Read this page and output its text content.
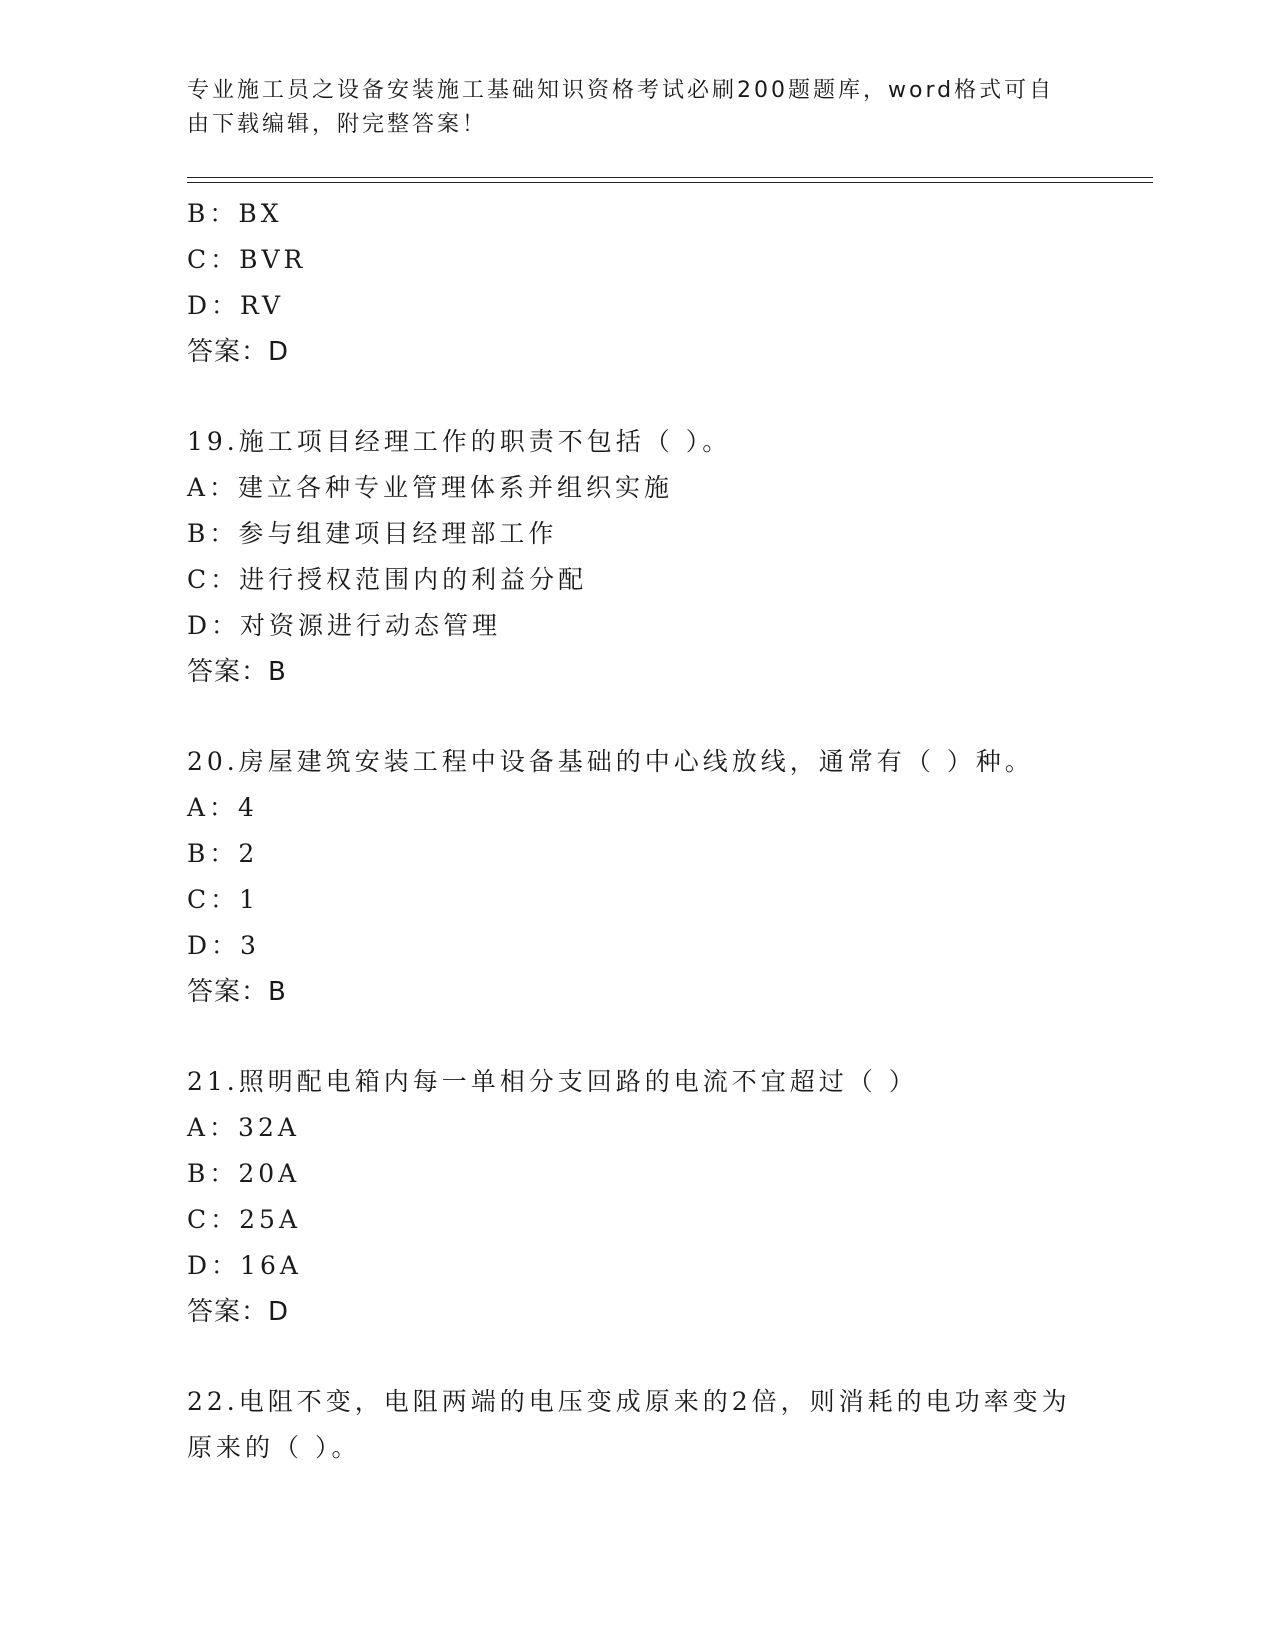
专业施工员之设备安装施工基础知识资格考试必刷200题题库，word格式可自由下载编辑，附完整答案！
B：BX
C：BVR
D：RV
答案：D
19.施工项目经理工作的职责不包括（ ）。
A：建立各种专业管理体系并组织实施
B：参与组建项目经理部工作
C：进行授权范围内的利益分配
D：对资源进行动态管理
答案：B
20.房屋建筑安装工程中设备基础的中心线放线，通常有（ ）种。
A：4
B：2
C：1
D：3
答案：B
21.照明配电箱内每一单相分支回路的电流不宜超过（ ）
A：32A
B：20A
C：25A
D：16A
答案：D
22.电阻不变，电阻两端的电压变成原来的2倍，则消耗的电功率变为原来的（ ）。
